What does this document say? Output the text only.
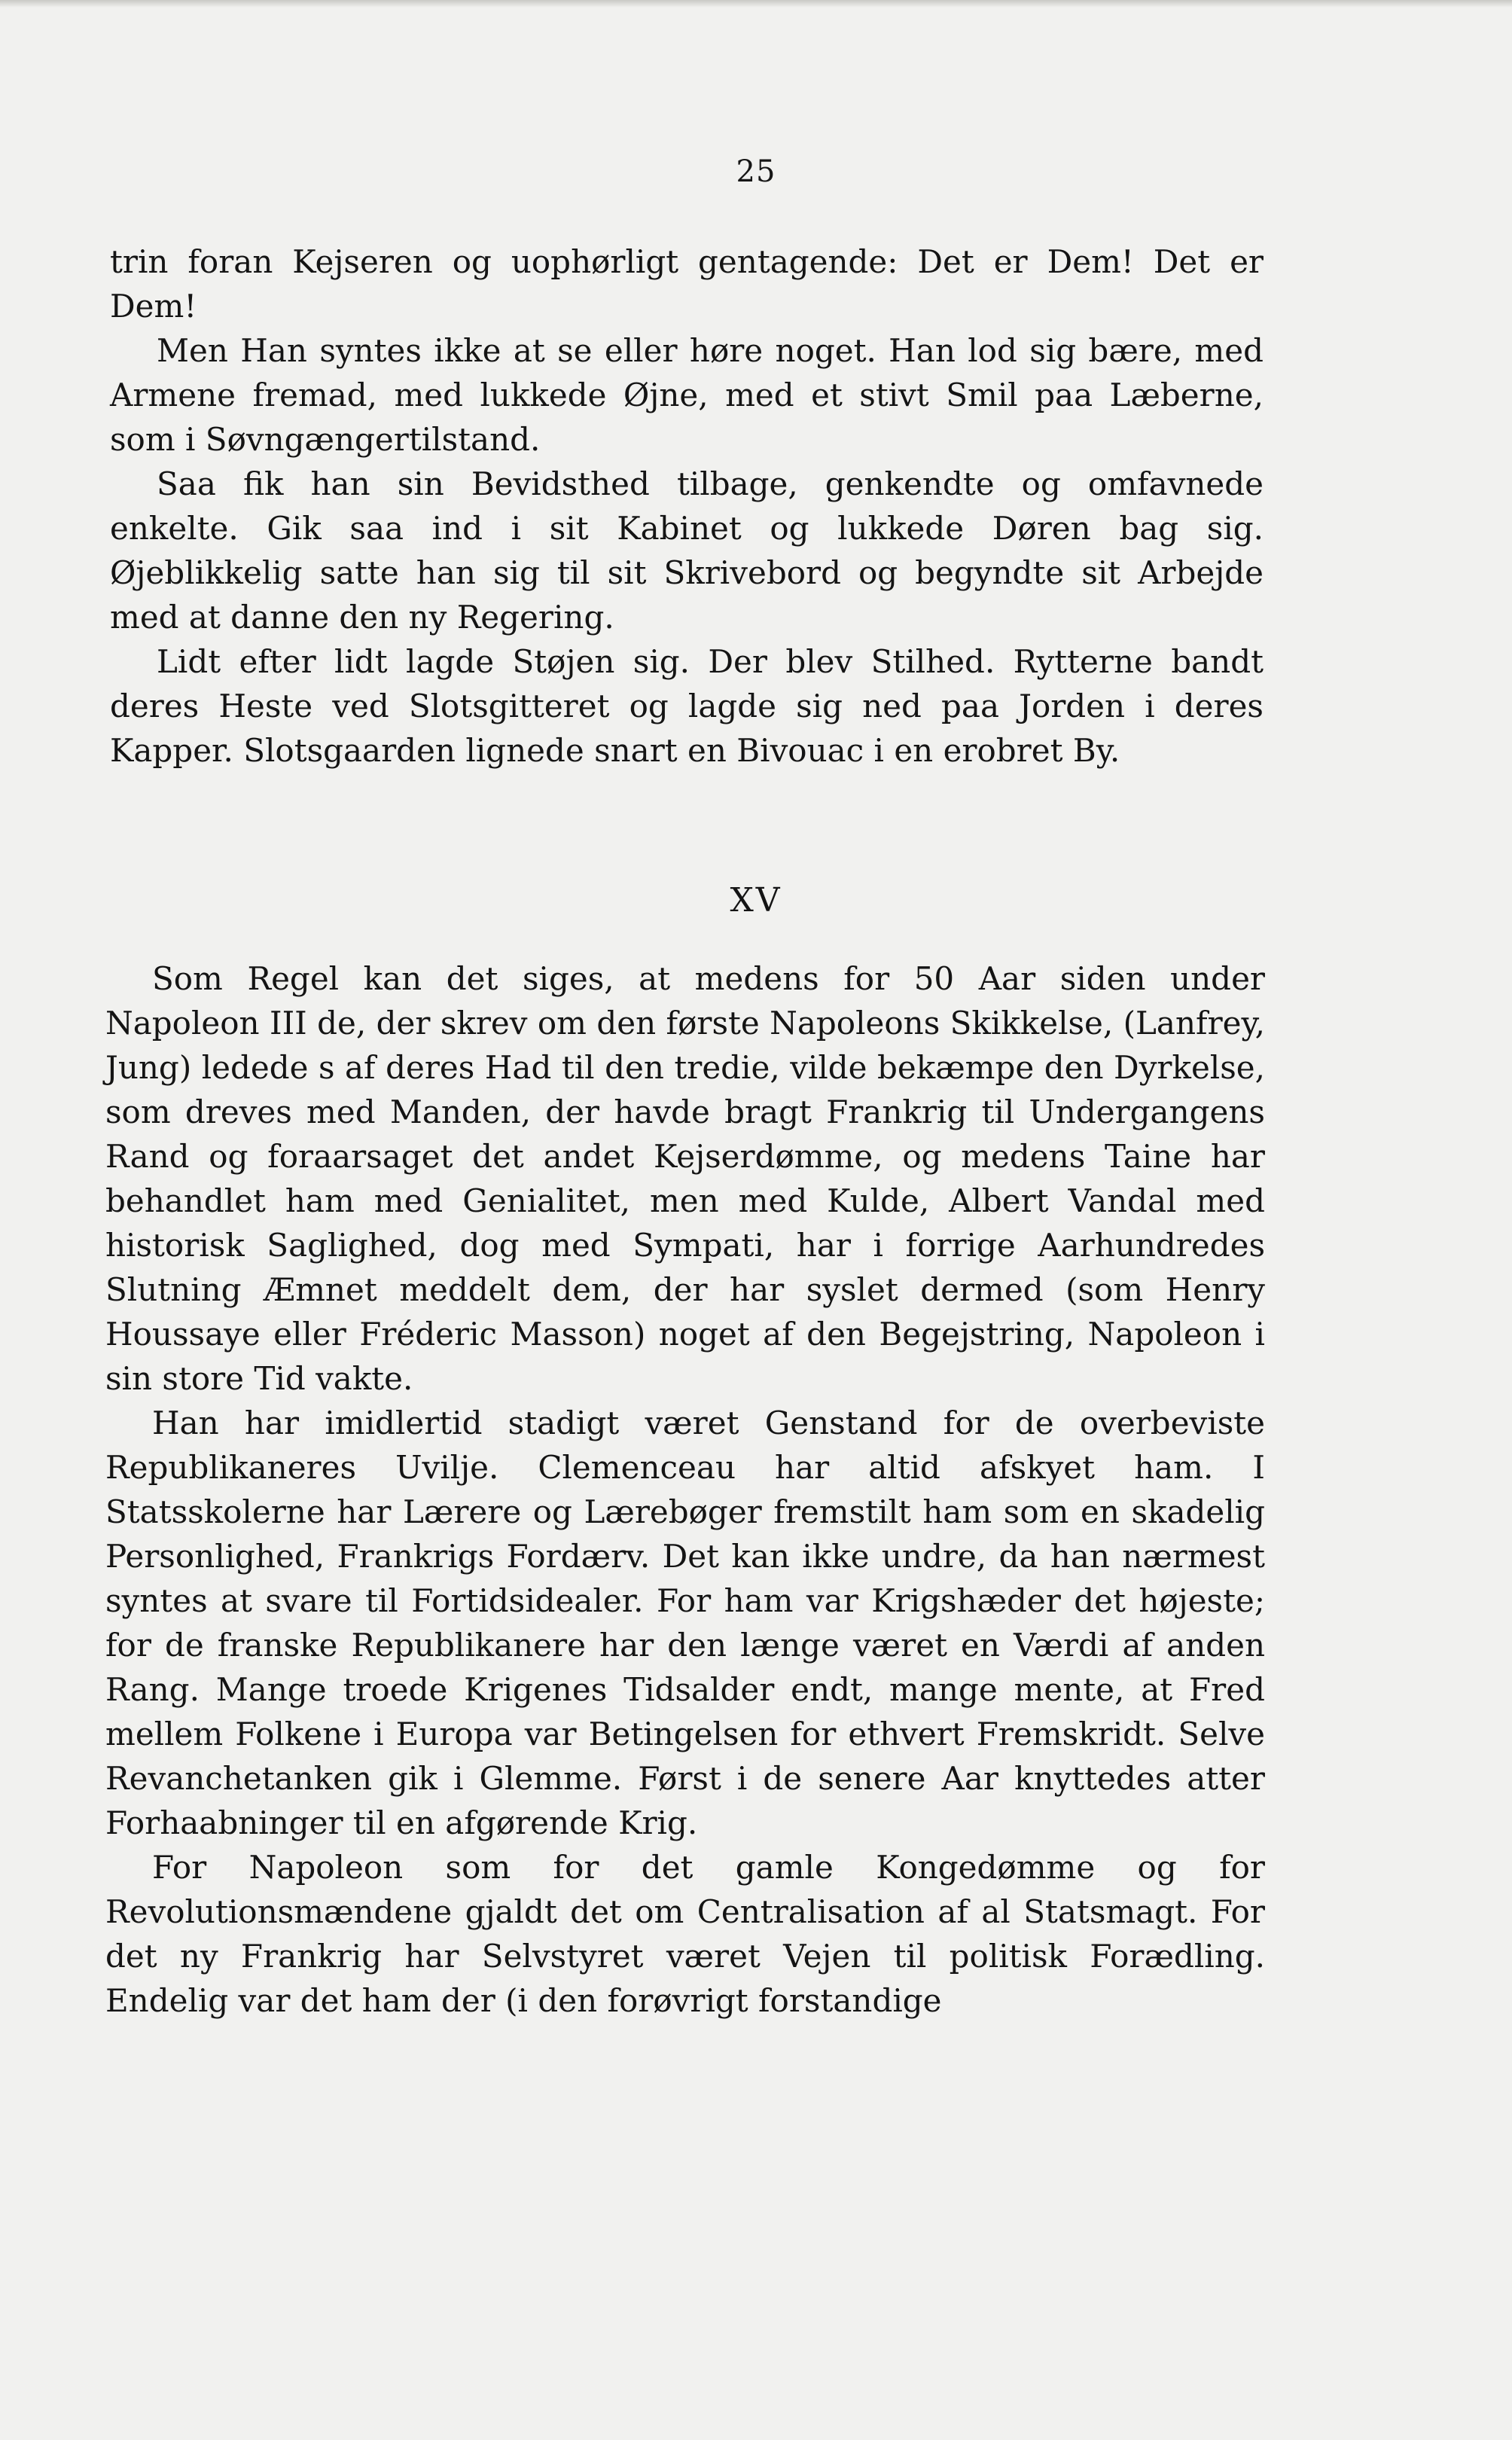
25

trin foran Kejseren og uophørligt gentagende: Det er Dem! Det er Dem!

Men Han syntes ikke at se eller høre noget. Han lod sig bære, med Armene fremad, med lukkede Øjne, med et stivt Smil paa Læberne, som i Søvngængertilstand.

Saa fik han sin Bevidsthed tilbage, genkendte og omfavnede enkelte. Gik saa ind i sit Kabinet og lukkede Døren bag sig. Øjeblikkelig satte han sig til sit Skrivebord og begyndte sit Arbejde med at danne den ny Regering.

Lidt efter lidt lagde Støjen sig. Der blev Stilhed. Rytterne bandt deres Heste ved Slotsgitteret og lagde sig ned paa Jorden i deres Kapper. Slotsgaarden lignede snart en Bivouac i en erobret By.

XV

Som Regel kan det siges, at medens for 50 Aar siden under Napoleon III de, der skrev om den første Napoleons Skikkelse, (Lanfrey, Jung) ledede s af deres Had til den tredie, vilde bekæmpe den Dyrkelse, som dreves med Manden, der havde bragt Frankrig til Undergangens Rand og foraarsaget det andet Kejserdømme, og medens Taine har behandlet ham med Genialitet, men med Kulde, Albert Vandal med historisk Saglighed, dog med Sympati, har i forrige Aarhundredes Slutning Æmnet meddelt dem, der har syslet dermed (som Henry Houssaye eller Fréderic Masson) noget af den Begejstring, Napoleon i sin store Tid vakte.

Han har imidlertid stadigt været Genstand for de overbeviste Republikaneres Uvilje. Clemenceau har altid afskyet ham. I Statsskolerne har Lærere og Lærebøger fremstilt ham som en skadelig Personlighed, Frankrigs Fordærv. Det kan ikke undre, da han nærmest syntes at svare til Fortidsidealer. For ham var Krigshæder det højeste; for de franske Republikanere har den længe været en Værdi af anden Rang. Mange troede Krigenes Tidsalder endt, mange mente, at Fred mellem Folkene i Europa var Betingelsen for ethvert Fremskridt. Selve Revanchetanken gik i Glemme. Først i de senere Aar knyttedes atter Forhaabninger til en afgørende Krig.

For Napoleon som for det gamle Kongedømme og for Revolutionsmændene gjaldt det om Centralisation af al Statsmagt. For det ny Frankrig har Selvstyret været Vejen til politisk Forædling. Endelig var det ham der (i den forøvrigt forstandige
